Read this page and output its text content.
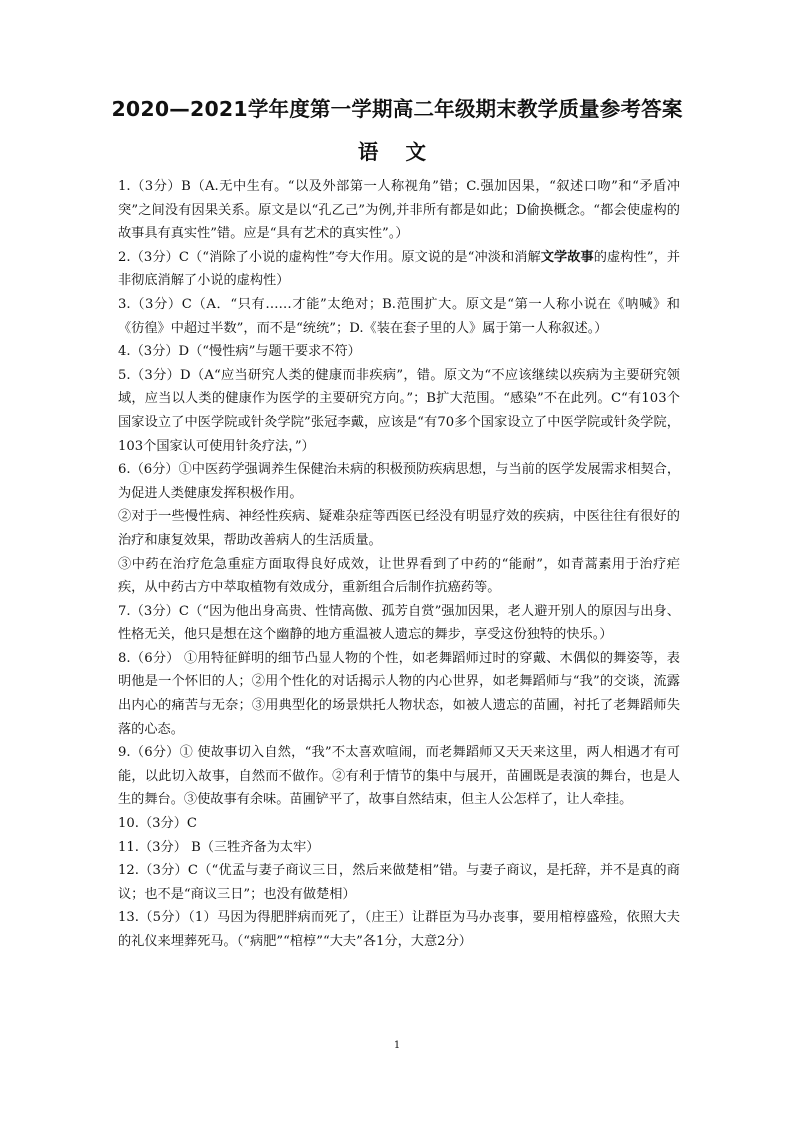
2020—2021学年度第一学期高二年级期末教学质量参考答案
语 文

1.（3分）B（A.无中生有。“以及外部第一人称视角”错；C.强加因果，“叙述口吻”和“矛盾冲突”之间没有因果关系。原文是以“孔乙己”为例,并非所有都是如此；D偷换概念。“都会使虚构的故事具有真实性”错。应是“具有艺术的真实性”。）

2.（3分）C（“消除了小说的虚构性”夸大作用。原文说的是“冲淡和消解文学故事的虚构性”，并非彻底消解了小说的虚构性）

3.（3分）C（A．“只有……才能”太绝对；B.范围扩大。原文是“第一人称小说在《呐喊》和《彷徨》中超过半数”，而不是“统统”；D.《装在套子里的人》属于第一人称叙述。）

4.（3分）D（“慢性病”与题干要求不符）

5.（3分）D（A“应当研究人类的健康而非疾病”，错。原文为“不应该继续以疾病为主要研究领域，应当以人类的健康作为医学的主要研究方向。”；B扩大范围。“感染”不在此列。C“有103个国家设立了中医学院或针灸学院”张冠李戴，应该是“有70多个国家设立了中医学院或针灸学院，103个国家认可使用针灸疗法，”）

6.（6分）①中医药学强调养生保健治未病的积极预防疾病思想，与当前的医学发展需求相契合，为促进人类健康发挥积极作用。

②对于一些慢性病、神经性疾病、疑难杂症等西医已经没有明显疗效的疾病，中医往往有很好的治疗和康复效果，帮助改善病人的生活质量。

③中药在治疗危急重症方面取得良好成效，让世界看到了中药的“能耐”，如青蒿素用于治疗疟疾，从中药古方中萃取植物有效成分，重新组合后制作抗癌药等。

7.（3分）C（“因为他出身高贵、性情高傲、孤芳自赏”强加因果，老人避开别人的原因与出身、性格无关，他只是想在这个幽静的地方重温被人遗忘的舞步，享受这份独特的快乐。）

8.（6分） ①用特征鲜明的细节凸显人物的个性，如老舞蹈师过时的穿戴、木偶似的舞姿等，表明他是一个怀旧的人；②用个性化的对话揭示人物的内心世界，如老舞蹈师与“我”的交谈，流露出内心的痛苦与无奈；③用典型化的场景烘托人物状态，如被人遗忘的苗圃，衬托了老舞蹈师失落的心态。

9.（6分）① 使故事切入自然，“我”不太喜欢喧闹，而老舞蹈师又天天来这里，两人相遇才有可能，以此切入故事，自然而不做作。②有利于情节的集中与展开，苗圃既是表演的舞台，也是人生的舞台。③使故事有余味。苗圃铲平了，故事自然结束，但主人公怎样了，让人牵挂。

10.（3分）C

11.（3分） B（三牲齐备为太牢）

12.（3分）C（“优孟与妻子商议三日，然后来做楚相”错。与妻子商议，是托辞，并不是真的商议；也不是“商议三日”；也没有做楚相）

13.（5分）（1）马因为得肥胖病而死了，（庄王）让群臣为马办丧事，要用棺椁盛殓，依照大夫的礼仪来埋葬死马。（“病肥”“棺椁”“大夫”各1分，大意2分）

1
